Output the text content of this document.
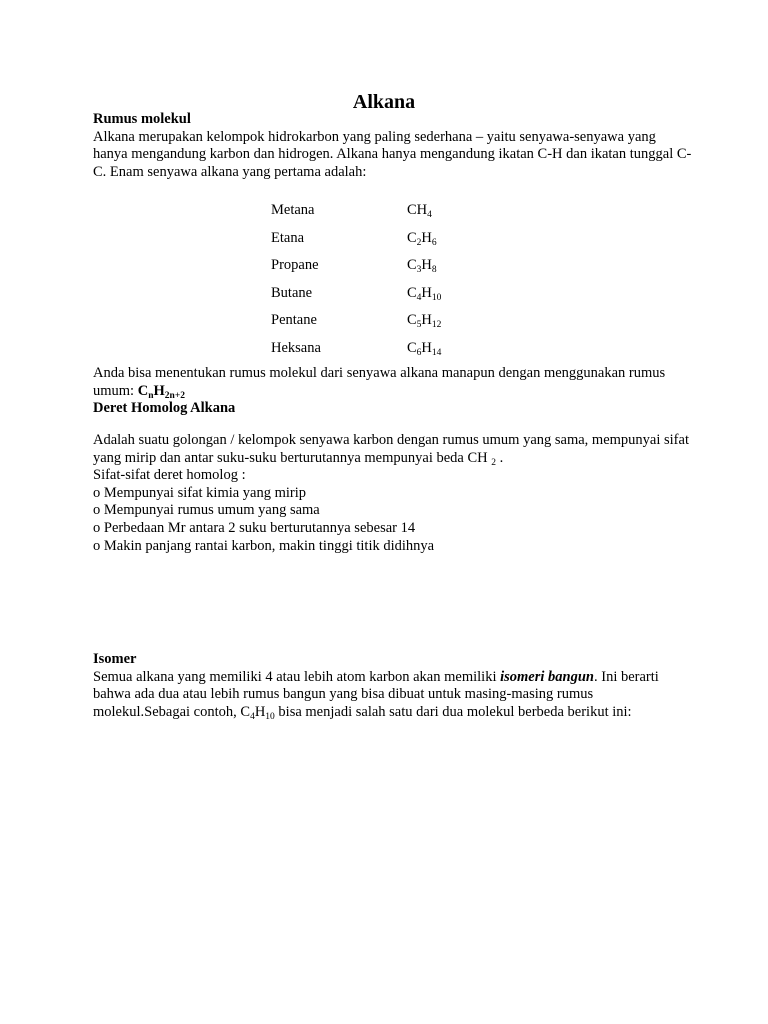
Alkana
Rumus molekul

Alkana merupakan kelompok hidrokarbon yang paling sederhana – yaitu senyawa-senyawa yang hanya mengandung karbon dan hidrogen. Alkana hanya mengandung ikatan C-H dan ikatan tunggal C-C. Enam senyawa alkana yang pertama adalah:

Metana	$CH_4$
Etana	$C_2H_6$
Propane	$C_3H_8$
Butane	$C_4H_{10}$
Pentane	$C_5H_{12}$
Heksana	$C_6H_{14}$

Anda bisa menentukan rumus molekul dari senyawa alkana manapun dengan menggunakan rumus umum: $C_nH_{2n+2}$

Deret Homolog Alkana

Adalah suatu golongan / kelompok senyawa karbon dengan rumus umum yang sama, mempunyai sifat yang mirip dan antar suku-suku berturutannya mempunyai beda CH $_2$ .

Sifat-sifat deret homolog :
o Mempunyai sifat kimia yang mirip
o Mempunyai rumus umum yang sama
o Perbedaan Mr antara 2 suku berturutannya sebesar 14
o Makin panjang rantai karbon, makin tinggi titik didihnya
Isomer

Semua alkana yang memiliki 4 atau lebih atom karbon akan memiliki isomeri bangun. Ini berarti bahwa ada dua atau lebih rumus bangun yang bisa dibuat untuk masing-masing rumus molekul.Sebagai contoh, $C_4H_{10}$ bisa menjadi salah satu dari dua molekul berbeda berikut ini:
